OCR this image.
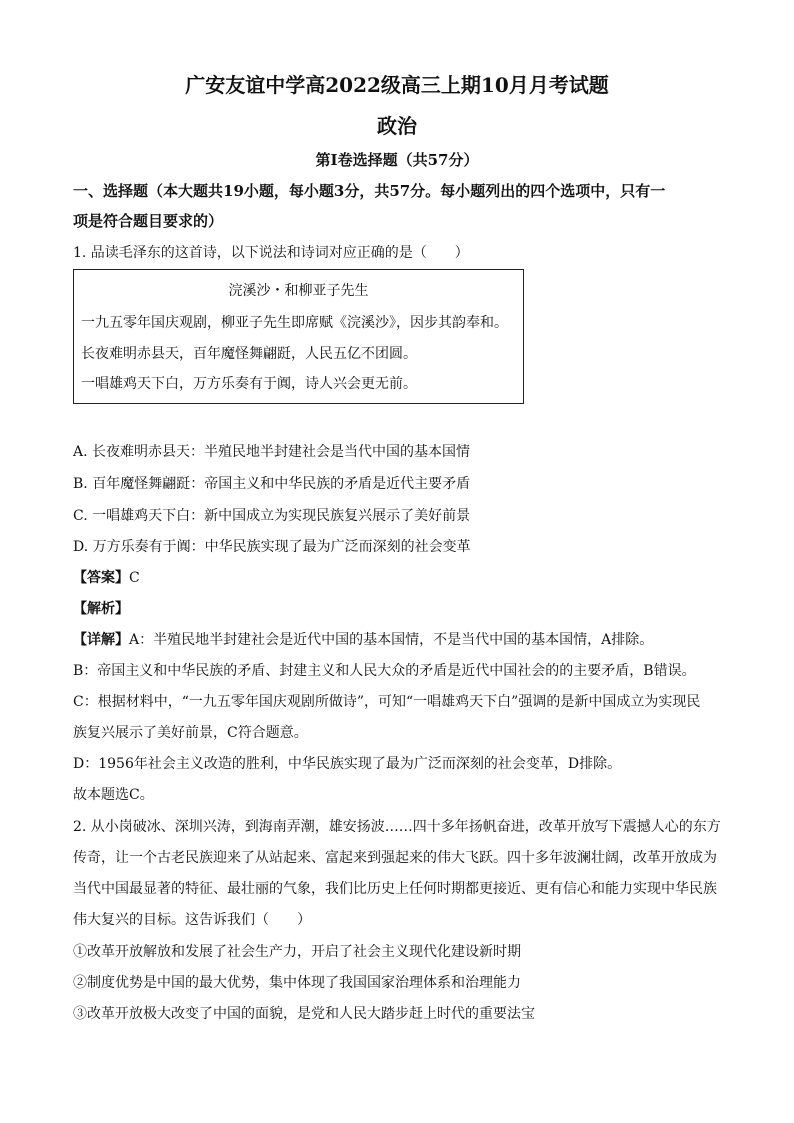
广安友谊中学高2022级高三上期10月月考试题
政治
第Ⅰ卷选择题（共57分）
一、选择题（本大题共19小题，每小题3分，共57分。每小题列出的四个选项中，只有一
项是符合题目要求的）
1. 品读毛泽东的这首诗，以下说法和诗词对应正确的是（　　）
浣溪沙・和柳亚子先生
一九五零年国庆观剧，柳亚子先生即席赋《浣溪沙》，因步其韵奉和。
长夜难明赤县天，百年魔怪舞翩跹，人民五亿不团圆。
一唱雄鸡天下白，万方乐奏有于阗，诗人兴会更无前。
A. 长夜难明赤县天：半殖民地半封建社会是当代中国的基本国情
B. 百年魔怪舞翩跹：帝国主义和中华民族的矛盾是近代主要矛盾
C. 一唱雄鸡天下白：新中国成立为实现民族复兴展示了美好前景
D. 万方乐奏有于阗：中华民族实现了最为广泛而深刻的社会变革
【答案】C
【解析】
【详解】A：半殖民地半封建社会是近代中国的基本国情，不是当代中国的基本国情，A排除。
B：帝国主义和中华民族的矛盾、封建主义和人民大众的矛盾是近代中国社会的的主要矛盾，B错误。
C：根据材料中，“一九五零年国庆观剧所做诗”，可知“一唱雄鸡天下白”强调的是新中国成立为实现民
族复兴展示了美好前景，C符合题意。
D：1956年社会主义改造的胜利，中华民族实现了最为广泛而深刻的社会变革，D排除。
故本题选C。
2. 从小岗破冰、深圳兴涛，到海南弄潮，雄安扬波……四十多年扬帆奋进，改革开放写下震撼人心的东方
传奇，让一个古老民族迎来了从站起来、富起来到强起来的伟大飞跃。四十多年波澜壮阔，改革开放成为
当代中国最显著的特征、最壮丽的气象，我们比历史上任何时期都更接近、更有信心和能力实现中华民族
伟大复兴的目标。这告诉我们（　　）
①改革开放解放和发展了社会生产力，开启了社会主义现代化建设新时期
②制度优势是中国的最大优势，集中体现了我国国家治理体系和治理能力
③改革开放极大改变了中国的面貌，是党和人民大踏步赶上时代的重要法宝
